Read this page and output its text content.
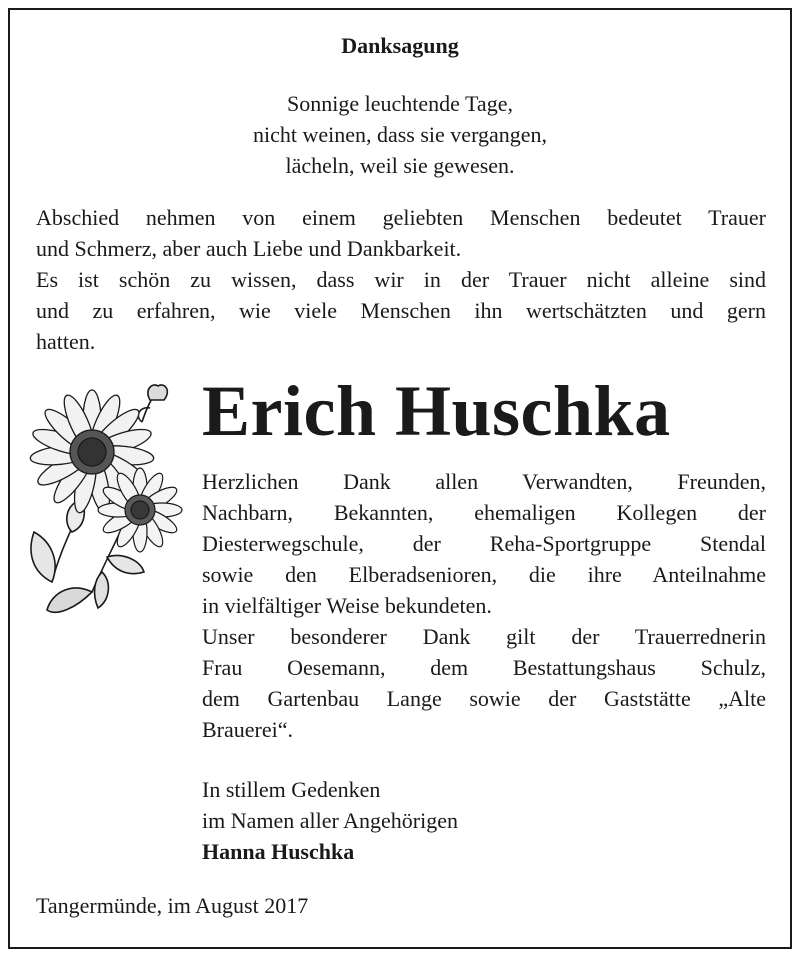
Danksagung
Sonnige leuchtende Tage,
nicht weinen, dass sie vergangen,
lächeln, weil sie gewesen.
Abschied nehmen von einem geliebten Menschen bedeutet Trauer
und Schmerz, aber auch Liebe und Dankbarkeit.
Es ist schön zu wissen, dass wir in der Trauer nicht alleine sind
und zu erfahren, wie viele Menschen ihn wertschätzten und gern
hatten.
Erich Huschka
Herzlichen Dank allen Verwandten, Freunden,
Nachbarn, Bekannten, ehemaligen Kollegen der
Diesterwegschule, der Reha-Sportgruppe Stendal
sowie den Elberadsenioren, die ihre Anteilnahme
in vielfältiger Weise bekundeten.
Unser besonderer Dank gilt der Trauerrednerin
Frau Oesemann, dem Bestattungshaus Schulz,
dem Gartenbau Lange sowie der Gaststätte „Alte
Brauerei“.
In stillem Gedenken
im Namen aller Angehörigen
Hanna Huschka
Tangermünde, im August 2017
